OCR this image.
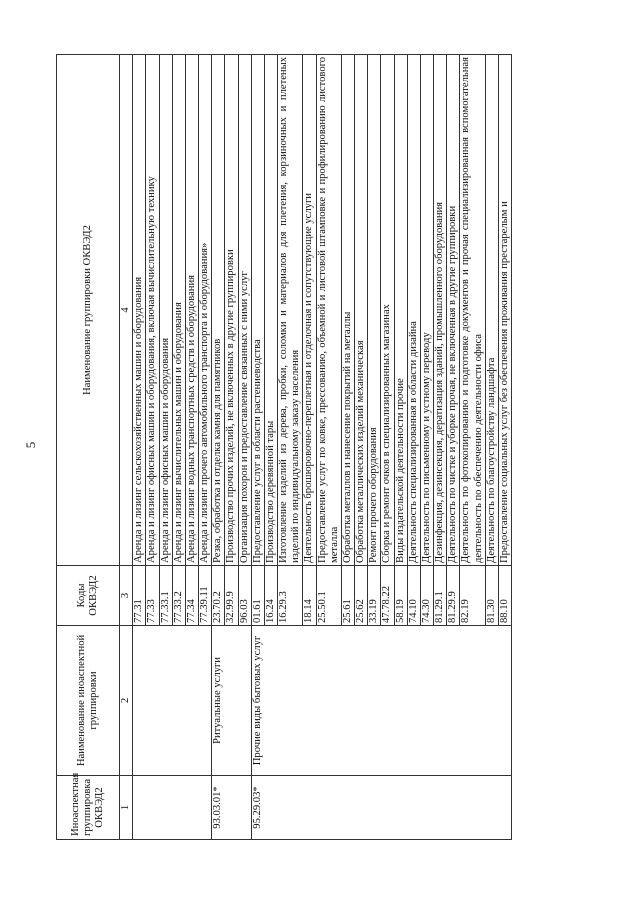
5
Иноаспектная группировка ОКВЭД2	Наименование иноаспектной группировки	Коды ОКВЭД2	Наименование группировки ОКВЭД2
1	2	3	4
		77.31	Аренда и лизинг сельскохозяйственных машин и оборудования
		77.33	Аренда и лизинг офисных машин и оборудования, включая вычислительную технику
		77.33.1	Аренда и лизинг офисных машин и оборудования
		77.33.2	Аренда и лизинг вычислительных машин и оборудования
		77.34	Аренда и лизинг водных транспортных средств и оборудования
		77.39.11	Аренда и лизинг прочего автомобильного транспорта и оборудования»
93.03.01*	Ритуальные услуги	23.70.2	Резка, обработка и отделка камня для памятников
		32.99.9	Производство прочих изделий, не включенных в другие группировки
		96.03	Организация похорон и предоставление связанных с ними услуг
95.29.03*	Прочие виды бытовых услуг	01.61	Предоставление услуг в области растениеводства
		16.24	Производство деревянной тары
		16.29.3	Изготовление изделий из дерева, пробки, соломки и материалов для плетения, корзиночных и плетеных изделий по индивидуальному заказу населения
		18.14	Деятельность брошюровочно-переплетная и отделочная и сопутствующие услуги
		25.50.1	Предоставление услуг по ковке, прессованию, объемной и листовой штамповке и профилированию листового металла
		25.61	Обработка металлов и нанесение покрытий на металлы
		25.62	Обработка металлических изделий механическая
		33.19	Ремонт прочего оборудования
		47.78.22	Сборка и ремонт очков в специализированных магазинах
		58.19	Виды издательской деятельности прочие
		74.10	Деятельность специализированная в области дизайна
		74.30	Деятельность по письменному и устному переводу
		81.29.1	Дезинфекция, дезинсекция, дератизация зданий, промышленного оборудования
		81.29.9	Деятельность по чистке и уборке прочая, не включенная в другие группировки
		82.19	Деятельность по фотокопированию и подготовке документов и прочая специализированная вспомогательная деятельность по обеспечению деятельности офиса
		81.30	Деятельность по благоустройству ландшафта
		88.10	Предоставление социальных услуг без обеспечения проживания престарелым и
